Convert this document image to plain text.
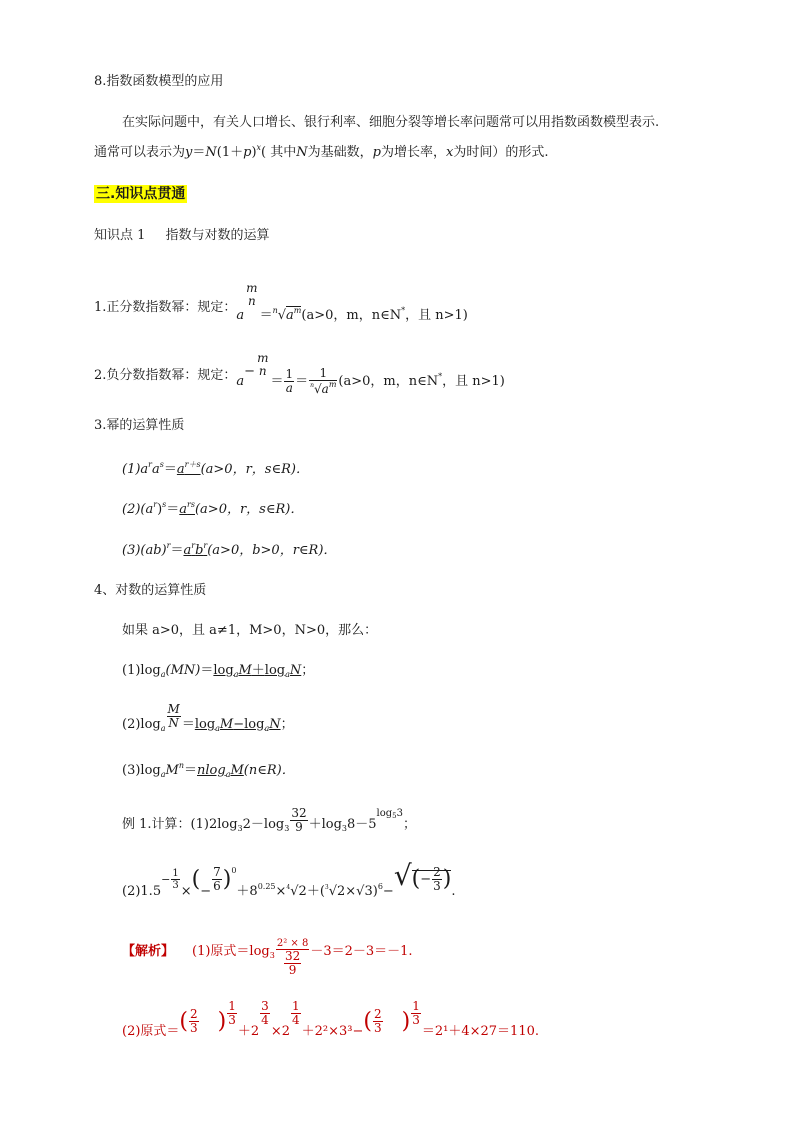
8.指数函数模型的应用
在实际问题中，有关人口增长、银行利率、细胞分裂等增长率问题常可以用指数函数模型表示.
通常可以表示为$y=N(1+p)^x$( 其中N为基础数，p为增长率，x为时间）的形式.
三.知识点贯通
知识点 1 指数与对数的运算
1.正分数指数幂：规定：a
m
n
$=^n√a^m(a>0$，m，n∈N*，且 n>1)
2.负分数指数幂：规定：a−
m
n
＝ $\frac{1}{a} = \frac{1}{^n√a^m} (a>0$，m，n∈N*，且 n>1)
3.幂的运算性质
$(1)a^ra^s=a^{r+s}(a>0$，r，s∈R)．
$(2)(a^r)^s=a^{rs}(a>0$，r，s∈R)．
$(3)(ab)^r=a^rb^r(a>0$，b>0，r∈R)．
4、对数的运算性质
如果 a>0，且 a≠1，M>0，N>0，那么：
$(1)\log_a(MN)=\log_aM+\log_aN$；
$(2)\log_a \frac{M}{N} =\log_aM-\log_aN$；
$(3)\log_aM^n=nlog_aM(n\in R)$．
例 1.计算：$(1)2\log_32-\log_3 \frac{32}{9} +\log_38-5\log_53$；
$(2)1.5_- \frac{1}{3}$
×(− $\frac{7}{6} )^0+8_{0.25}\times_4√2+(_3√2\times√3)_6-√(- \frac{2}{3}$ ).
【解析】 (1)原式$=\log_3 \frac{\text{2² × 8}}{\frac{32}{9}} -3=2-3=-1$.
(2)原式＝( $\frac{2}{3}$ ) $\frac{1}{3}$
＋2
$\frac{3}{4}$
×2
$\frac{1}{4}$
$+2^2\times 3^3-( \frac{2}{3}$ ) $\frac{1}{3}$
＝2¹＋4×27＝110.
